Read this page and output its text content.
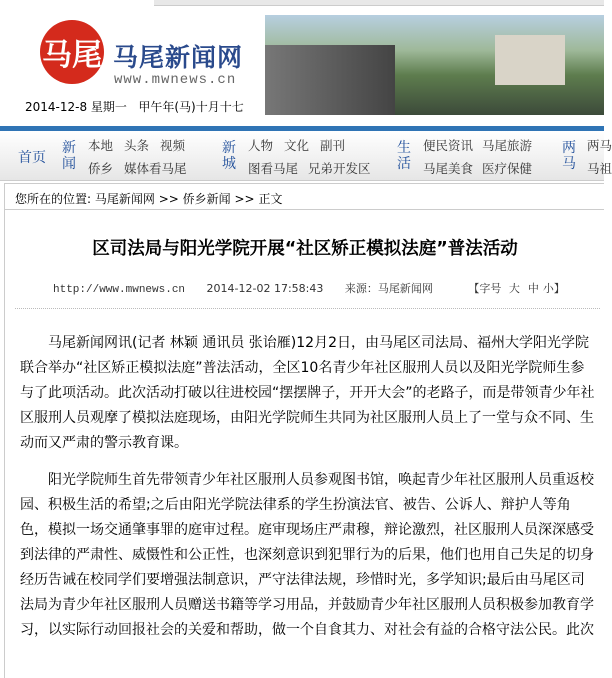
马尾 马尾新闻网
www.mwnews.cn
2014-12-8 星期一 甲午年(马)十月十七
首页
新闻
本地 头条 视频
侨乡 媒体看马尾
新城
人物 文化 副刊
图看马尾 兄弟开发区
生活
便民资讯 马尾旅游
马尾美食 医疗保健
两马
两马
马祖
您所在的位置: 马尾新闻网 >> 侨乡新闻 >> 正文
区司法局与阳光学院开展“社区矫正模拟法庭”普法活动
http://www.mwnews.cn 2014-12-02 17:58:43 来源：马尾新闻网	【字号 大 中 小】

马尾新闻网讯(记者 林颖 通讯员 张诒雁)12月2日，由马尾区司法局、福州大学阳光学院联合举办“社区矫正模拟法庭”普法活动，全区10名青少年社区服刑人员以及阳光学院师生参与了此项活动。此次活动打破以往进校园“摆摆牌子，开开大会”的老路子，而是带领青少年社区服刑人员观摩了模拟法庭现场，由阳光学院师生共同为社区服刑人员上了一堂与众不同、生动而又严肃的警示教育课。

阳光学院师生首先带领青少年社区服刑人员参观图书馆，唤起青少年社区服刑人员重返校园、积极生活的希望;之后由阳光学院法律系的学生扮演法官、被告、公诉人、辩护人等角色，模拟一场交通肇事罪的庭审过程。庭审现场庄严肃穆，辩论激烈，社区服刑人员深深感受到法律的严肃性、威慑性和公正性，也深刻意识到犯罪行为的后果，他们也用自己失足的切身经历告诫在校同学们要增强法制意识，严守法律法规，珍惜时光，多学知识;最后由马尾区司法局为青少年社区服刑人员赠送书籍等学习用品，并鼓励青少年社区服刑人员积极参加教育学习，以实际行动回报社会的关爱和帮助，做一个自食其力、对社会有益的合格守法公民。此次
